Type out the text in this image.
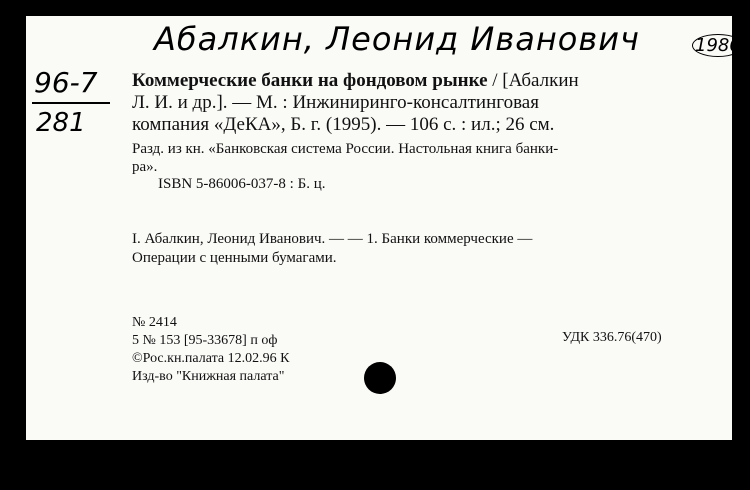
Абалкин, Леонид Иванович	1980
96-7
281
Коммерческие банки на фондовом рынке / [Абалкин
Л. И. и др.]. — М. : Инжиниринго-консалтинговая
компания «ДеКА», Б. г. (1995). — 106 с. : ил.; 26 см.
Разд. из кн. «Банковская система России. Настольная книга банки-
ра».
ISBN 5-86006-037-8 : Б. ц.
I. Абалкин, Леонид Иванович. — — 1. Банки коммерческие —
Операции с ценными бумагами.
№ 2414
5 № 153 [95-33678] п оф
©Рос.кн.палата 12.02.96 К
Изд-во "Книжная палата"
УДК 336.76(470)
